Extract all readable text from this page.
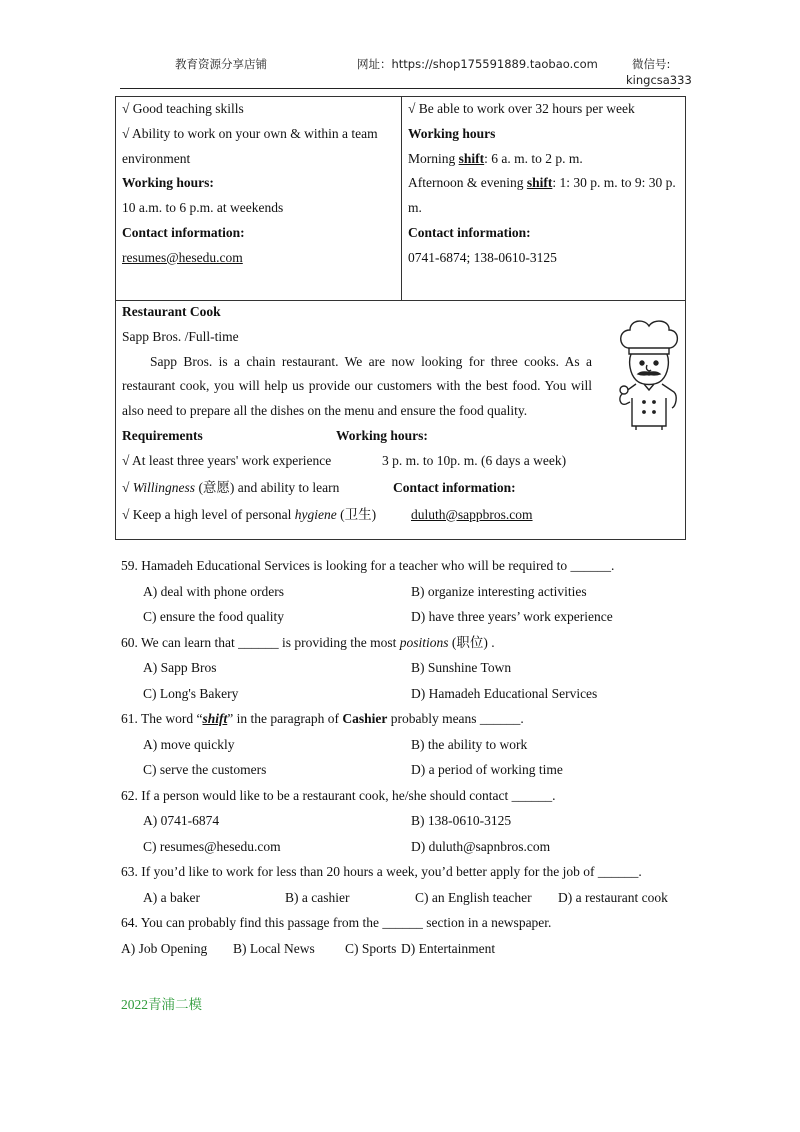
教育资源分享店铺	网址：https://shop175591889.taobao.com	微信号:
kingcsa333
√ Good teaching skills
√ Ability to work on your own & within a team environment
Working hours:
10 a.m. to 6 p.m. at weekends
Contact information:
resumes@hesedu.com
√ Be able to work over 32 hours per week
Working hours
Morning shift: 6 a. m. to 2 p. m.
Afternoon & evening shift: 1: 30 p. m. to 9: 30 p. m.
Contact information:
0741-6874; 138-0610-3125
Restaurant Cook
Sapp Bros. /Full-time
Sapp Bros. is a chain restaurant. We are now looking for three cooks. As a restaurant cook, you will help us provide our customers with the best food. You will also need to prepare all the dishes on the menu and ensure the food quality.
Requirements	Working hours:
√ At least three years' work experience	3 p. m. to 10p. m. (6 days a week)
√ Willingness (意愿) and ability to learn	Contact information:
√ Keep a high level of personal hygiene (卫生)	duluth@sappbros.com
59. Hamadeh Educational Services is looking for a teacher who will be required to ______.
A) deal with phone orders	B) organize interesting activities
C) ensure the food quality	D) have three years’ work experience
60. We can learn that ______ is providing the most positions (职位) .
A) Sapp Bros	B) Sunshine Town
C) Long's Bakery	D) Hamadeh Educational Services
61. The word “shift” in the paragraph of Cashier probably means ______.
A) move quickly	B) the ability to work
C) serve the customers	D) a period of working time
62. If a person would like to be a restaurant cook, he/she should contact ______.
A) 0741-6874	B) 138-0610-3125
C) resumes@hesedu.com	D) duluth@sapnbros.com
63. If you’d like to work for less than 20 hours a week, you’d better apply for the job of ______.
A) a baker	B) a cashier	C) an English teacher	D) a restaurant cook
64. You can probably find this passage from the ______ section in a newspaper.
A) Job Opening	B) Local News	C) Sports D) Entertainment
2022青浦二模
